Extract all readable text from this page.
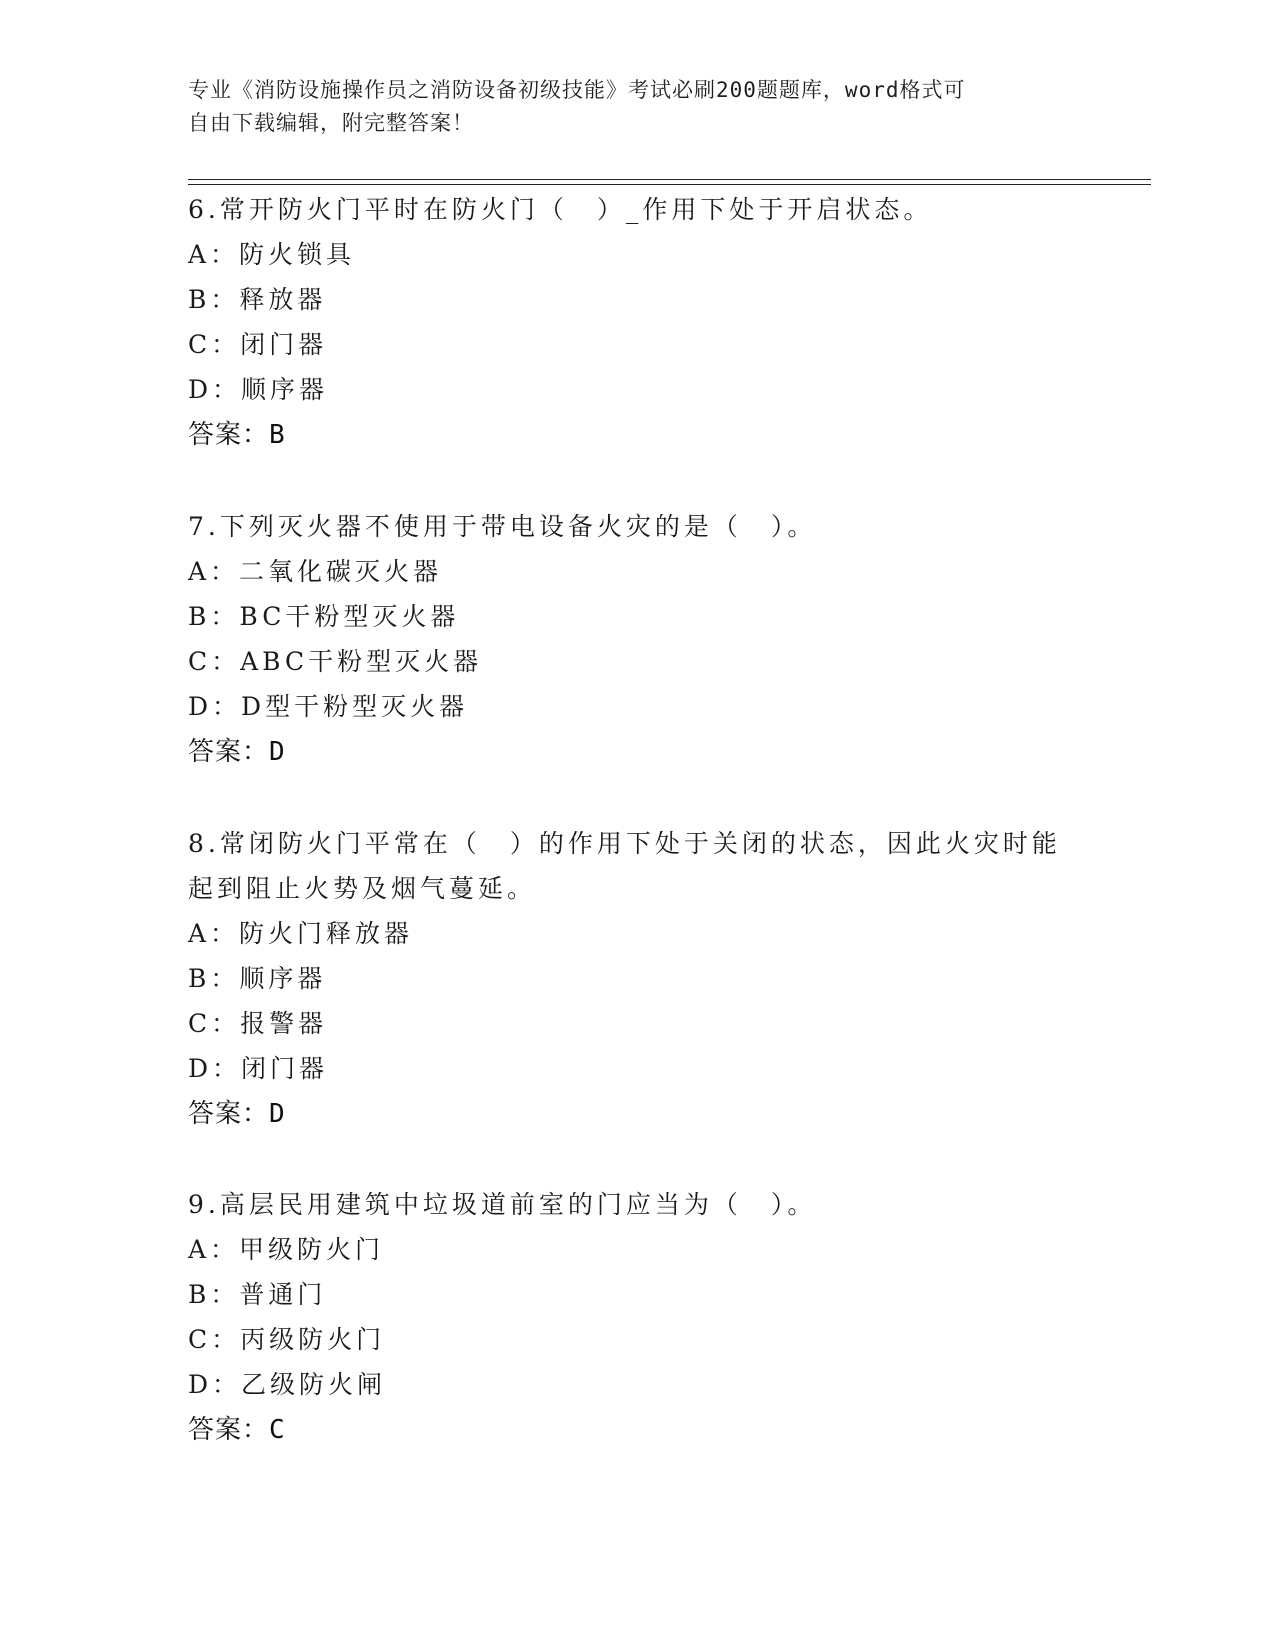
专业《消防设施操作员之消防设备初级技能》考试必刷200题题库，word格式可
自由下载编辑，附完整答案！
6.常开防火门平时在防火门（　）_作用下处于开启状态。
A：防火锁具
B：释放器
C：闭门器
D：顺序器
答案：B
7.下列灭火器不使用于带电设备火灾的是（　）。
A：二氧化碳灭火器
B：BC干粉型灭火器
C：ABC干粉型灭火器
D：D型干粉型灭火器
答案：D
8.常闭防火门平常在（　）的作用下处于关闭的状态，因此火灾时能
起到阻止火势及烟气蔓延。
A：防火门释放器
B：顺序器
C：报警器
D：闭门器
答案：D
9.高层民用建筑中垃圾道前室的门应当为（　）。
A：甲级防火门
B：普通门
C：丙级防火门
D：乙级防火闸
答案：C
